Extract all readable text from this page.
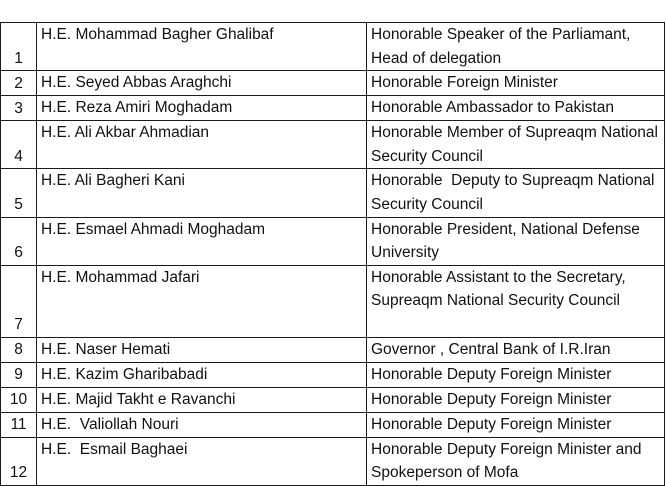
1	H.E. Mohammad Bagher Ghalibaf	Honorable Speaker of the Parliamant, Head of delegation
2	H.E. Seyed Abbas Araghchi	Honorable Foreign Minister
3	H.E. Reza Amiri Moghadam	Honorable Ambassador to Pakistan
4	H.E. Ali Akbar Ahmadian	Honorable Member of Supreaqm National Security Council
5	H.E. Ali Bagheri Kani	Honorable  Deputy to Supreaqm National Security Council
6	H.E. Esmael Ahmadi Moghadam	Honorable President, National Defense University
7	H.E. Mohammad Jafari	Honorable Assistant to the Secretary, Supreaqm National Security Council
8	H.E. Naser Hemati	Governor , Central Bank of I.R.Iran
9	H.E. Kazim Gharibabadi	Honorable Deputy Foreign Minister
10	H.E. Majid Takht e Ravanchi	Honorable Deputy Foreign Minister
11	H.E.  Valiollah Nouri	Honorable Deputy Foreign Minister
12	H.E.  Esmail Baghaei	Honorable Deputy Foreign Minister and Spokeperson of Mofa
